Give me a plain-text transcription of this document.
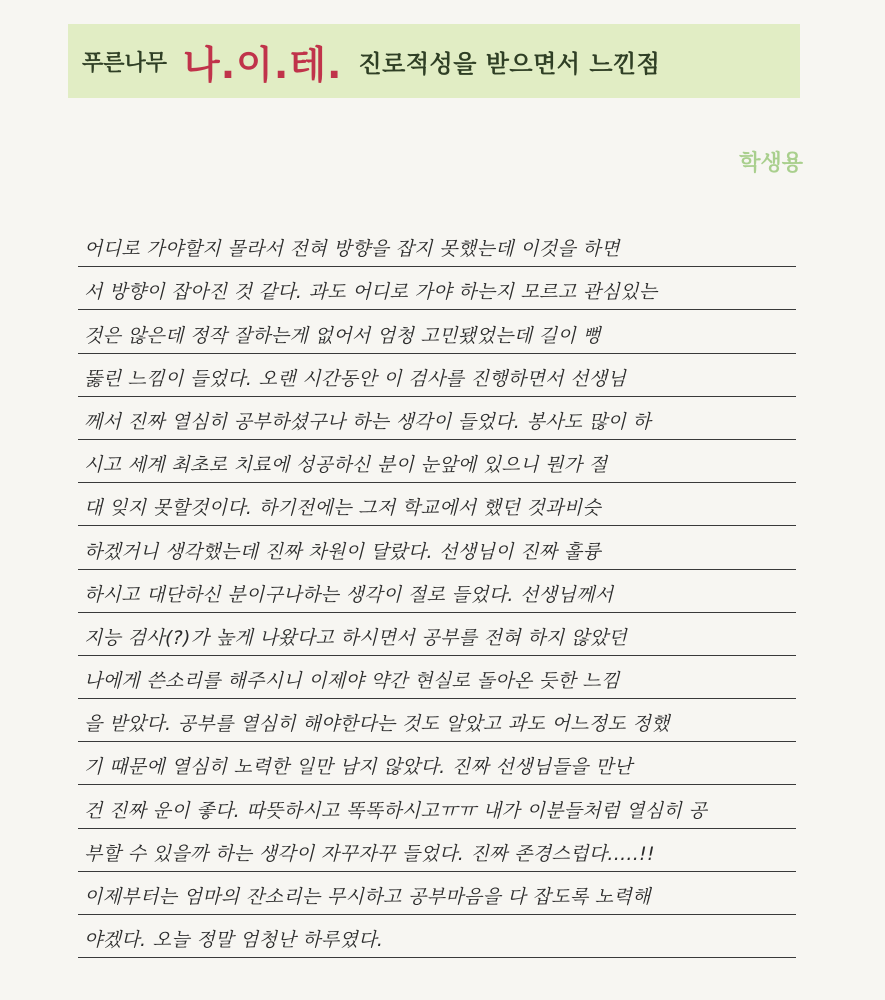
푸른나무 나.이.테. 진로적성을 받으면서 느낀점
학생용
어디로 가야할지 몰라서 전혀 방향을 잡지 못했는데 이것을 하면
서 방향이 잡아진 것 같다. 과도 어디로 가야 하는지 모르고 관심있는
것은 않은데 정작 잘하는게 없어서 엄청 고민됐었는데 길이 뻥
뚫린 느낌이 들었다. 오랜 시간동안 이 검사를 진행하면서 선생님
께서 진짜 열심히 공부하셨구나 하는 생각이 들었다. 봉사도 많이 하
시고 세계 최초로 치료에 성공하신 분이 눈앞에 있으니 뭔가 절
대 잊지 못할것이다. 하기전에는 그저 학교에서 했던 것과비슷
하겠거니 생각했는데 진짜 차원이 달랐다. 선생님이 진짜 훌륭
하시고 대단하신 분이구나하는 생각이 절로 들었다. 선생님께서
지능 검사(?)가 높게 나왔다고 하시면서 공부를 전혀 하지 않았던
나에게 쓴소리를 해주시니 이제야 약간 현실로 돌아온 듯한 느낌
을 받았다. 공부를 열심히 해야한다는 것도 알았고 과도 어느정도 정했
기 때문에 열심히 노력한 일만 남지 않았다. 진짜 선생님들을 만난
건 진짜 운이 좋다. 따뜻하시고 똑똑하시고ㅠㅠ 내가 이분들처럼 열심히 공
부할 수 있을까 하는 생각이 자꾸자꾸 들었다. 진짜 존경스럽다.....!!
이제부터는 엄마의 잔소리는 무시하고 공부마음을 다 잡도록 노력해
야겠다. 오늘 정말 엄청난 하루였다.
